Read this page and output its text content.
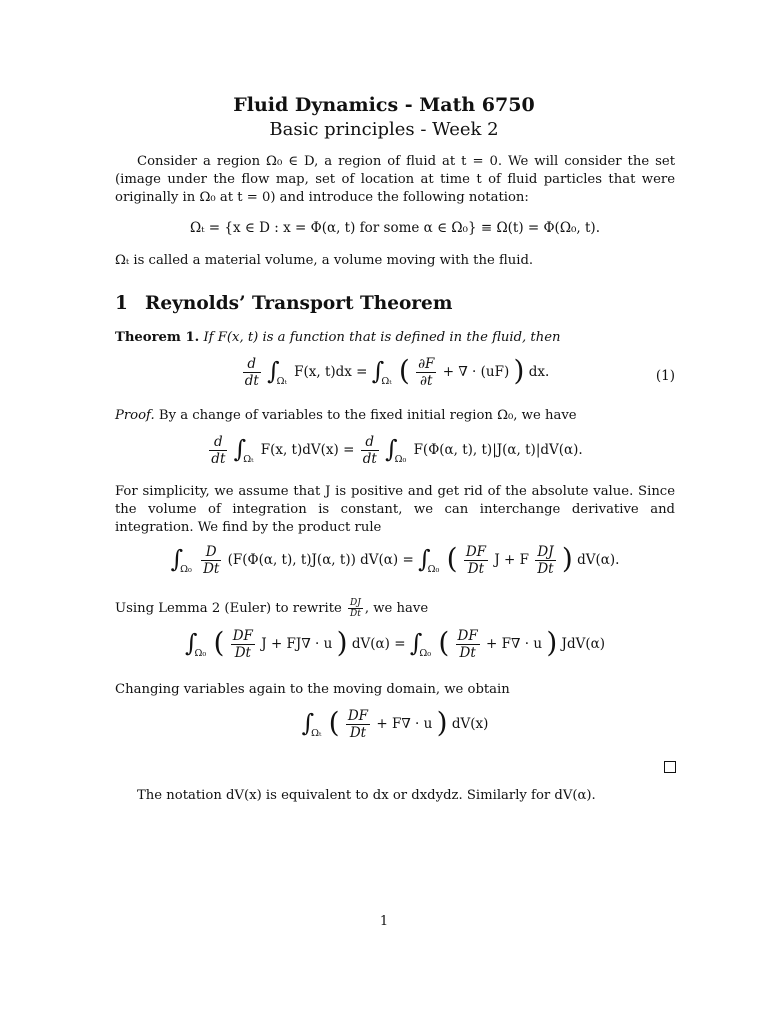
Fluid Dynamics - Math 6750
Basic principles - Week 2
Consider a region Ω₀ ∈ D, a region of fluid at t = 0. We will consider the set (image under the flow map, set of location at time t of fluid particles that were originally in Ω₀ at t = 0) and introduce the following notation:
Ωₜ = {x ∈ D : x = Φ(α, t) for some α ∈ Ω₀} ≡ Ω(t) = Φ(Ω₀, t).
Ωₜ is called a material volume, a volume moving with the fluid.
1 Reynolds’ Transport Theorem
Theorem 1. If F(x, t) is a function that is defined in the fluid, then
$\frac{d}{dt} \int_{\Omega_t}$ F(x, $t)dx = \int_{\Omega_t}$ ( $\frac{\partial F}{\partial t}$ + ∇ · (uF) ) dx.	(1)
Proof. By a change of variables to the fixed initial region Ω₀, we have
$\frac{d}{dt} \int_{\Omega_t}$ F(x, $t)dV(x) = \frac{d}{dt} \int_{\Omega_0}$ F(Φ(α, t), t)|J(α, t)|dV(α).
For simplicity, we assume that J is positive and get rid of the absolute value. Since the volume of integration is constant, we can interchange derivative and integration. We find by the product rule
$\int_{\Omega_0} \frac{D}{Dt} (F(\Phi(\alpha$, t), t)J(α, t)) $dV(\alpha) = \int_{\Omega_0}$ ( $\frac{DF}{Dt}$ J + F $\frac{DJ}{Dt}$ ) dV(α).
Using Lemma 2 (Euler) to rewrite $\frac{DJ}{Dt}$ , we have
$\int_{\Omega_0}$ ( $\frac{DF}{Dt}$ J + FJ∇ · u ) $dV(\alpha) = \int_{\Omega_0}$ ( $\frac{DF}{Dt} + F\nabla \cdot u$ ) JdV(α)
Changing variables again to the moving domain, we obtain
$\int_{\Omega_t}$ ( $\frac{DF}{Dt} + F\nabla \cdot u$ ) dV(x)
The notation dV(x) is equivalent to dx or dxdydz. Similarly for dV(α).
1
